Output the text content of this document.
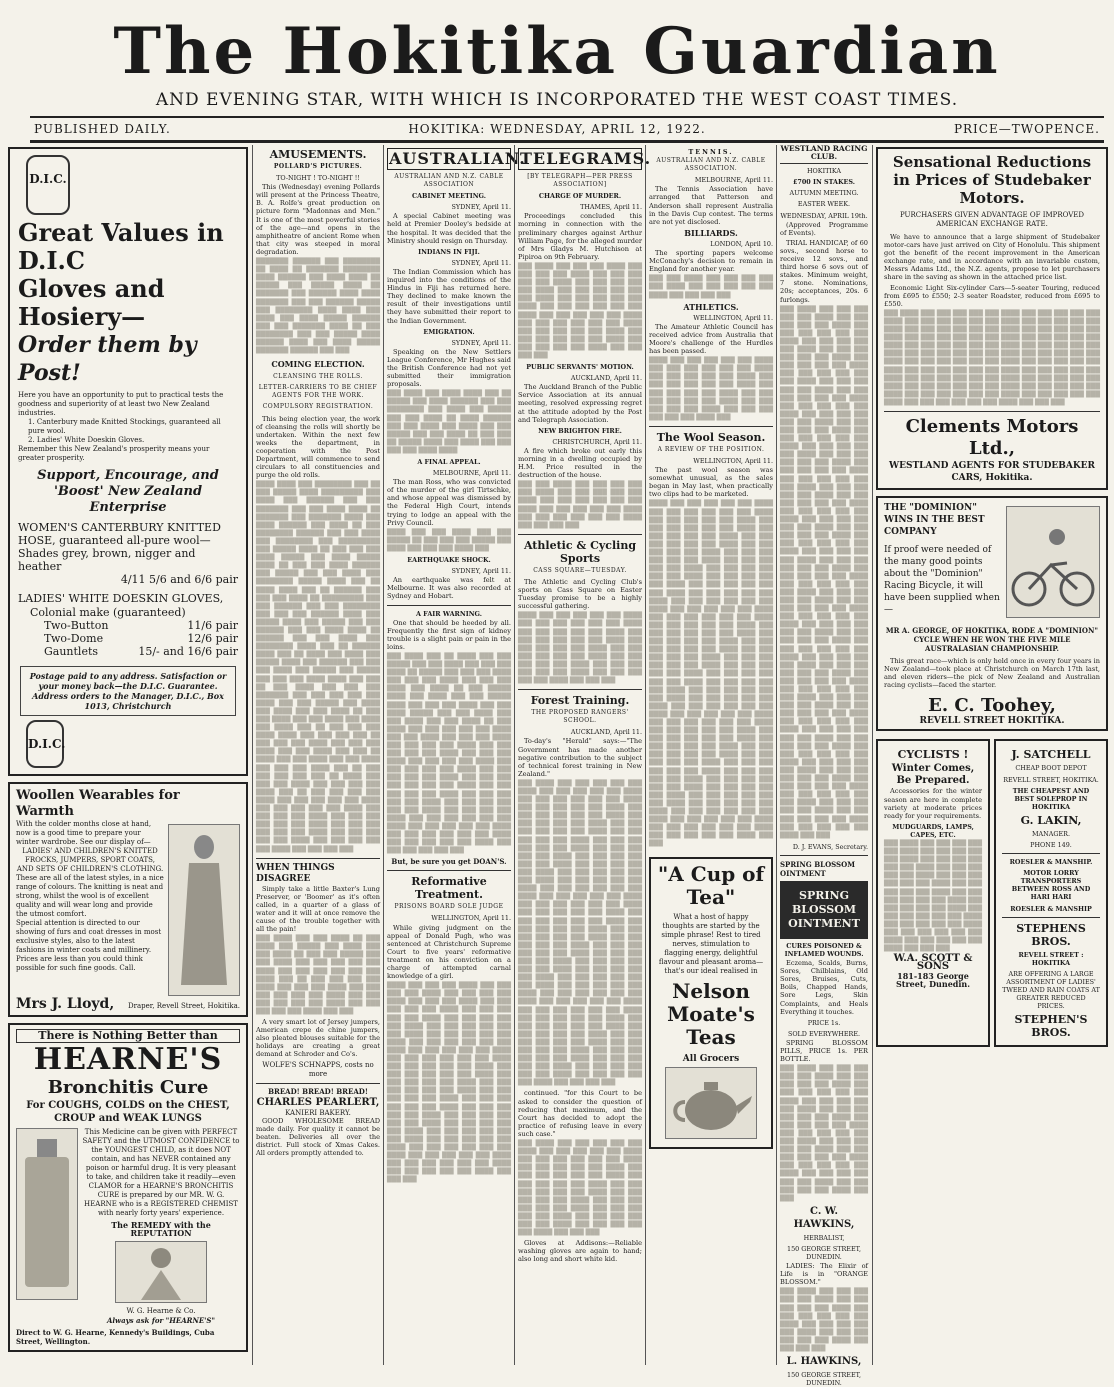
The Hokitika Guardian
AND EVENING STAR, WITH WHICH IS INCORPORATED THE WEST COAST TIMES.
PUBLISHED DAILY.	HOKITIKA: WEDNESDAY, APRIL 12, 1922.	PRICE—TWOPENCE.
D.I.C.
Great Values in D.I.C
Gloves and Hosiery—
Order them by Post!
Here you have an opportunity to put to practical tests the goodness and superiority of at least two New Zealand industries.
1. Canterbury made Knitted Stockings, guaranteed all pure wool.
2. Ladies' White Doeskin Gloves.
Remember this New Zealand's prosperity means your greater prosperity.
Support, Encourage, and 'Boost' New Zealand Enterprise
WOMEN'S CANTERBURY KNITTED HOSE, guaranteed all-pure wool—
Shades grey, brown, nigger and heather
4/11 5/6 and 6/6 pair
LADIES' WHITE DOESKIN GLOVES,
Colonial make (guaranteed)
Two-Button	11/6 pair
Two-Dome	12/6 pair
Gauntlets	15/- and 16/6 pair
Postage paid to any address. Satisfaction or your money back—the D.I.C. Guarantee. Address orders to the Manager, D.I.C., Box 1013, Christchurch
D.I.C.
Woollen Wearables for Warmth
With the colder months close at hand, now is a good time to prepare your winter wardrobe. See our display of—
LADIES' AND CHILDREN'S KNITTED FROCKS, JUMPERS, SPORT COATS, AND SETS OF CHILDREN'S CLOTHING.
These are all of the latest styles, in a nice range of colours. The knitting is neat and strong, whilst the wool is of excellent quality and will wear long and provide the utmost comfort.
Special attention is directed to our showing of furs and coat dresses in most exclusive styles, also to the latest fashions in winter coats and millinery.
Prices are less than you could think possible for such fine goods. Call.
Mrs J. Lloyd, Draper, Revell Street, Hokitika.
There is Nothing Better than
HEARNE'S
Bronchitis Cure
For COUGHS, COLDS on the CHEST, CROUP and WEAK LUNGS
This Medicine can be given with PERFECT SAFETY and the UTMOST CONFIDENCE to the YOUNGEST CHILD, as it does NOT contain, and has NEVER contained any poison or harmful drug. It is very pleasant to take, and children take it readily—even CLAMOR for a HEARNE'S BRONCHITIS CURE is prepared by our MR. W. G. HEARNE who is a REGISTERED CHEMIST with nearly forty years' experience.
The REMEDY with the REPUTATION
W. G. Hearne & Co.
Always ask for "HEARNE'S"
Direct to W. G. Hearne, Kennedy's Buildings, Cuba Street, Wellington.
AMUSEMENTS.
POLLARD'S PICTURES.
TO-NIGHT ! TO-NIGHT !!
This (Wednesday) evening Pollards will present at the Princess Theatre, B. A. Rolfe's great production on picture form "Madonnas and Men." It is one of the most powerful stories of the age—and opens in the amphitheatre of ancient Rome when that city was steeped in moral degradation.
███████ ██████ ███ ████████ ██ ████ ██ ███████ ████████ ████ ██████ ███ ████ ████ ██ █████ ███ █████ ████ ██ ███████ ███ ██████ ████ ████ ███████ ███ ███ ██████ █████ ███ ████████ ████ ████ ███ ████ ███ ████ █████ ██████ ███ ███ ███████ ████ ██ ███ ████████ ███ ███ █████ ████ ██████ ████ ███ ████ █████ ███████ ██████ ███ ███
COMING ELECTION.
CLEANSING THE ROLLS.
LETTER-CARRIERS TO BE CHIEF AGENTS FOR THE WORK.
COMPULSORY REGISTRATION.
This being election year, the work of cleansing the rolls will shortly be undertaken. Within the next few weeks the department, in cooperation with the Post Department, will commence to send circulars to all constituencies and purge the old rolls.
████ ████ ███ ████████ ███ ██ ███ █████ ████ █████████ ███ ████ ███ ██████ ███ ███ ███████ ███ ███ ████ ████ ██ ███████ ███ ███████ ████ ███ ████ ██████ ███ ████ ██ ███ ████████ ██████ ███ ███ ████ ███ ████████ ███ █████████ ███ █████ ████ ██ ███ ███ ███ ████ █████ ███ ████ █████ ████ ██ ███ ███ ████ ██████ ███ █████ ███ ███ ████ ███ ████████ █████ ████ ███ ██ ████ ████ ███ ██ ██████ ███ ███ ███ ████ ██ █████████ ███ ███ ██████ ███ ███ ████████ ███ ███ ███ ██████ ████ ███ █████ ████ ███ █████ ███ ███ ██████ ███ ███ ████ ████ ██ ██████ ███ ███ ████ ███ ████████ ████ ███ ██ ██████ ████ ███ ██ ████ ███ ████ ███ █████ ████ ███ ██████ ███ ███ ███ ████ ███ █████ ███ █████ ███ ███ ███ ████ ████ ███ ███ ██ ███ ████ ███ ███ ███ ███████ ███ ███ ███ ███ ███ ████ ███ ███ █████ ███ ████ ███ ████ ███ ███ ████ ██ ███ ███ ████ ███ ███ ████ ███ ████ ███ ████ ███ ██ ███ ███ ███ ████ ████ ███ ███ ███ ███ ██ ███ ███ ███ ████ ███ ███ ███ ████ ███ ███ ████ ███ ███ ██ ████ ███ ███ ████ ███ ███ ████ ███ ███ ███ ████ ███ ██ ███ ███ ███ ███ ███ ██ ████ ███ ███ ███ ████ ███ ███ ███ ███ ████ ███ ██ ███ ███ ███ ███ ████ ███ ███ ███ ███ ███ ████ ███ ███ ███ ███ ███ ████ ███ ███ ███ ███ ████ ███ ███ ███ ███ ███ ███ ████ ███ ███ ███ ███ ███ ███ ████ ███ ███ ███ ███ ███ ████ ███ ███ ███ ███ ███ ████ ███ ███ ███ ███
WHEN THINGS DISAGREE
Simply take a little Baxter's Lung Preserver, or 'Boomer' as it's often called, in a quarter of a glass of water and it will at once remove the cause of the trouble together with all the pain!
███ ████ ███ ███ ████ ██ ███ ████ ███ █████ ███ ████ ███ ███ ████ ██ ███ ███ █████ ███ ███ ████ ███ ███ ███ ███ ███ ████ ███ ███ ███ ███ ███ ███ ████ ███ ██ ███ ███ ███ ███ ████ ███ ███ ███ ████ ███ ███ ███ ███ ███ ███ ████ ███ ███ ███ ███ ███ ███ ████ ███ ███ ███ ███ ███ ████ ███ ███
A very smart lot of Jersey jumpers, American crepe de chine jumpers, also pleated blouses suitable for the holidays are creating a great demand at Schroder and Co's.
WOLFE'S SCHNAPPS, costs no more
BREAD! BREAD! BREAD!
CHARLES PEARLERT,
KANIERI BAKERY.
GOOD WHOLESOME BREAD made daily. For quality it cannot be beaten. Deliveries all over the district. Full stock of Xmas Cakes. All orders promptly attended to.
AUSTRALIAN.
AUSTRALIAN AND N.Z. CABLE ASSOCIATION
CABINET MEETING.
SYDNEY, April 11.
A special Cabinet meeting was held at Premier Dooley's bedside at the hospital. It was decided that the Ministry should resign on Thursday.
INDIANS IN FIJI.
SYDNEY, April 11.
The Indian Commission which has inquired into the conditions of the Hindus in Fiji has returned here. They declined to make known the result of their investigations until they have submitted their report to the Indian Government.
EMIGRATION.
SYDNEY, April 11.
Speaking on the New Settlers League Conference, Mr Hughes said the British Conference had not yet submitted their immigration proposals.
███ ████ ███ ████ ████ ███ ██ █████ ███ ████ ██████ ███ ███ ████████ ███ ████ ███ █████ ███ ███ ████ ██ ████ ██████ ███ ███ ████ ███ ████ ███ ███ █████ ███ ███ ████ ██ ███ ███ ██ █████ ████ ███ ████ ███ ███ ███ ███ ████ ████
A FINAL APPEAL.
MELBOURNE, April 11.
The man Ross, who was convicted of the murder of the girl Tirtschke, and whose appeal was dismissed by the Federal High Court, intends trying to lodge an appeal with the Privy Council.
████ ███ ███ ████ ███ ███ █████ ██ ███ ███ ███ █████ ███ ████ ███ ███ ███ ████ ███
EARTHQUAKE SHOCK.
SYDNEY, April 11.
An earthquake was felt at Melbourne. It was also recorded at Sydney and Hobart.
A FAIR WARNING.
One that should be heeded by all. Frequently the first sign of kidney trouble is a slight pain or pain in the loins.
███ ████ ███ ██ ████ ███ ███ █████ ███ ███ ████ ███ ███ ███ ████ ██ █████ ███ ███ ███ ████ ███ ███ ███ ████ ███ ███ ███ ████ ███ ████ ██ ███ █████ ████ ███ ████ ███ ███ █████ ████ ███ ███ ███ ████ ███ ███ ████ █████ ███ ███ ████ ███ ███ ████ ███ ███ ████ ██ ███ ████ ███ ███ ███ ███ ███ ████ ███ ███ ████ ███ ███ ███ ████ ███ ███ ███ ███ ████ ███ ███ ███ ███ ███ ████ ███ ███ ███ ████ ███ ███ ███ ███ ████ ███ ███ ███ ███ ███ ████ ███ ███ ███ ███ ███ ████ ███ ███ ███ ███ ███ ███ ███ ████ ███ ███ ███ ███ ███ ████ ███ ███ ███ ███ ███ ████ ███ ███ ███ ███ ███ ███ ████ ███ ███ ███ ███ ████ ███ ███ ███ ███ ███ ███ ████ ███ ███ ███ ███ ███ ████ ███ ███ ███ ███ ███ ███ ████ ███ ███ ███ ███ ███ ████ ███ ███ ███ ███ ███ ███
But, be sure you get DOAN'S.
Reformative Treatment.
PRISONS BOARD SOLE JUDGE
WELLINGTON, April 11.
While giving judgment on the appeal of Donald Pugh, who was sentenced at Christchurch Supreme Court to five years' reformative treatment on his conviction on a charge of attempted carnal knowledge of a girl.
████ ███ ███ ███ ████ ███ ███ ███ ███ ████ ███ ███ ███ ███ ████ ███ ███ ███ ████ ███ ███ ███ ███ ███ ████ ███ ███ ███ ███ ███ ████ ███ ███ ███ ███ ███ ████ ███ ███ ███ ███ ███ ███ ████ ███ ███ ███ ███ ███ ████ ███ ███ ███ ███ ███ ███ ████ ███ ███ ███ ███ ███ ████ ███ ███ ███ ███ ███ ███ ████ ███ ███ ███ ███ ███ ████ ███ ███ ███ ███ ███ ███ ████ ███ ███ ███ ███ ███ ████ ███ ███ ███ ███ ███ ███ ████ ███ ███ ███ ███ ███ ████ ███ ███ ███ ███ ███ ███ ████ ███ ███ ███ ███ ███ ████ ███ ███ ███ ███ ███ ███ ████ ███ ███ ███ ███ ███ ████ ███ ███ ███ ███ ███ ███ ████ ███ ███ ███ ███ ███ ████ ███ ███ ███ ███ ███ ███ ████ ███ ███ ███ ███ ███ ████ ███ ███ ███ ███ ███ ███ ████ ███ ███ ███ ███ ███ ████ ███ ███ ███
TELEGRAMS.
[BY TELEGRAPH—PER PRESS ASSOCIATION]
CHARGE OF MURDER.
THAMES, April 11.
Proceedings concluded this morning in connection with the preliminary charges against Arthur William Page, for the alleged murder of Mrs Gladys M. Hutchison at Pipiroa on 9th February.
███ ████ ███ ███ ███ ████ ███ ███ ███ ███ ████ ███ ███ ███ ███ ███ ████ ███ ███ ███ ███ ███ ████ ███ ███ ███ ███ ███ ███ ████ ███ ███ ███ ███ ███ ████ ███ ███ ███ ███ ███ ███ ████ ███ ███ ███ ███ ███ ████ ███ ███ ███ ███ ███ ███ ████ ███ ███ ███ ███ ███ ████ ███ ███ ███ ███ ███ ███ ████ ███ ███ ███ ███ ███ ████ ███ ███ ███ ███
PUBLIC SERVANTS' MOTION.
AUCKLAND, April 11.
The Auckland Branch of the Public Service Association at its annual meeting, resolved expressing regret at the attitude adopted by the Post and Telegraph Association.
NEW BRIGHTON FIRE.
CHRISTCHURCH, April 11.
A fire which broke out early this morning in a dwelling occupied by H.M. Price resulted in the destruction of the house.
███ ███ ████ ███ ███ ███ ███ ███ ████ ███ ███ ███ ███ ███ ████ ███ ███ ███ ███ ███ ███ ████ ███ ███ ███ ███ ███ ████ ███ ███ ███ ███ ███ ███ ████ ███ ███ ███ ███
Athletic & Cycling Sports
CASS SQUARE—TUESDAY.
The Athletic and Cycling Club's sports on Cass Square on Easter Tuesday promise to be a highly successful gathering.
████ ███ ███ ███ ███ ███ ████ ███ ███ ███ ███ ███ ███ ████ ███ ███ ███ ███ ███ ████ ███ ███ ███ ███ ███ ███ ████ ███ ███ ███ ███ ███ ████ ███ ███ ███ ███ ███ ███ ████ ███ ███ ███ ███ ███ ████ ███ ███ ███ ███ ███ ███ ████ ███ ███ ███ ███ ███ ████ ███ ███ ███
Forest Training.
THE PROPOSED RANGERS' SCHOOL.
AUCKLAND, April 11.
To-day's "Herald" says:—"The Government has made another negative contribution to the subject of technical forest training in New Zealand."
███ ████ ███ ███ ███ ███ ███ ████ ███ ███ ███ ███ ███ ████ ███ ███ ███ ███ ███ ███ ████ ███ ███ ███ ███ ███ ████ ███ ███ ███ ███ ███ ███ ████ ███ ███ ███ ███ ███ ████ ███ ███ ███ ███ ███ ███ ████ ███ ███ ███ ███ ███ ████ ███ ███ ███ ███ ███ ███ ████ ███ ███ ███ ███ ███ ████ ███ ███ ███ ███ ███ ███ ████ ███ ███ ███ ███ ███ ████ ███ ███ ███ ███ ███ ███ ████ ███ ███ ███ ███ ███ ████ ███ ███ ███ ███ ███ ███ ████ ███ ███ ███ ███ ███ ████ ███ ███ ███ ███ ███ ███ ████ ███ ███ ███ ███ ███ ████ ███ ███ ███ ███ ███ ███ ████ ███ ███ ███ ███ ███ ████ ███ ███ ███ ███ ███ ███ ████ ███ ███ ███ ███ ███ ████ ███ ███ ███ ███ ███ ███ ████ ███ ███ ███ ███ ███ ████ ███ ███ ███ ███ ███ ███ ████ ███ ███ ███ ███ ███ ████ ███ ███ ███ ███ ███ ███ ████ ███ ███ ███ ███ ███ ████ ███ ███ ███ ███ ███ ███ ████ ███ ███ ███ ███ ███ ████ ███ ███ ███ ███ ███ ███ ████ ███ ███ ███ ███ ███ ████ ███ ███ ███ ███ ███ ███ ████ ███ ███ ███ ███ ███ ████ ███ ███ ███ ███ ███ ███ ████ ███ ███ ███ ███ ███ ████ ███ ███ ███ ███ ███ ███ ████ ███ ███ ███ ███ ███ ████ ███ ███ ███ ███ ███ ███ ████ ███ ███ ███ ███ ███ ████ ███ ███ ███ ███
continued. "for this Court to be asked to consider the question of reducing that maximum, and the Court has decided to adopt the practice of refusing leave in every such case."
███ ████ ███ ███ ███ ███ ███ ████ ███ ███ ███ ███ ███ ████ ███ ███ ███ ███ ███ ███ ████ ███ ███ ███ ███ ███ ████ ███ ███ ███ ███ ███ ███ ████ ███ ███ ███ ███ ███ ████ ███ ███ ███ ███ ███ ███ ████ ███ ███ ███ ███ ███ ████ ███ ███ ███ ███ ███ ███ ████ ███ ███ ███ ███ ███ ████ ███ ███ ███ ███ ███ ███ ████ ███ ███ ███ ███ ███ ████ ███ ███ ███
Gloves at Addisons:—Reliable washing gloves are again to hand; also long and short white kid.
TENNIS.
AUSTRALIAN AND N.Z. CABLE ASSOCIATION.
MELBOURNE, April 11.
The Tennis Association have arranged that Patterson and Anderson shall represent Australia in the Davis Cup contest. The terms are not yet disclosed.
BILLIARDS.
LONDON, April 10.
The sporting papers welcome McConachy's decision to remain in England for another year.
███ ███ ████ ███ ███ ███ ███ ███ ████ ███ ███ ███ ███ ███ ████ ███ ███ ███ ███
ATHLETICS.
WELLINGTON, April 11.
The Amateur Athletic Council has received advice from Australia that Moore's challenge of the Hurdles has been passed.
████ ███ ███ ███ ███ ███ ████ ███ ███ ███ ███ ███ ███ ████ ███ ███ ███ ███ ███ ████ ███ ███ ███ ███ ███ ███ ████ ███ ███ ███ ███ ███ ████ ███ ███ ███ ███ ███ ███ ████ ███ ███ ███ ███ ███ ████ ███ ███ ███ ███ ███ ███ ████ ███
The Wool Season.
A REVIEW OF THE POSITION.
WELLINGTON, April 11.
The past wool season was somewhat unusual, as the sales began in May last, when practically two clips had to be marketed.
████ ███ ███ ███ ███ ███ ████ ███ ███ ███ ███ ███ ███ ████ ███ ███ ███ ███ ███ ████ ███ ███ ███ ███ ███ ███ ████ ███ ███ ███ ███ ███ ████ ███ ███ ███ ███ ███ ███ ████ ███ ███ ███ ███ ███ ████ ███ ███ ███ ███ ███ ███ ████ ███ ███ ███ ███ ███ ████ ███ ███ ███ ███ ███ ███ ████ ███ ███ ███ ███ ███ ████ ███ ███ ███ ███ ███ ███ ████ ███ ███ ███ ███ ███ ████ ███ ███ ███ ███ ███ ███ ████ ███ ███ ███ ███ ███ ████ ███ ███ ███ ███ ███ ███ ████ ███ ███ ███ ███ ███ ████ ███ ███ ███ ███ ███ ███ ████ ███ ███ ███ ███ ███ ████ ███ ███ ███ ███ ███ ███ ████ ███ ███ ███ ███ ███ ████ ███ ███ ███ ███ ███ ███ ████ ███ ███ ███ ███ ███ ████ ███ ███ ███ ███ ███ ███ ████ ███ ███ ███ ███ ███ ████ ███ ███ ███ ███ ███ ███ ████ ███ ███ ███ ███ ███ ████ ███ ███ ███ ███ ███ ███ ████ ███ ███ ███ ███ ███ ████ ███ ███ ███ ███ ███ ███ ████ ███ ███ ███ ███ ███ ████ ███ ███ ███ ███ ███ ███ ████ ███ ███ ███ ███ ███ ████ ███ ███ ███ ███ ███ ███ ████ ███ ███ ███ ███ ███ ████ ███ ███ ███ ███ ███ ███ ████ ███ ███ ███ ███ ███ ████ ███ ███ ███ ███ ███ ███ ████ ███ ███ ███ ███ ███ ████ ███ ███ ███ ███ ███ ███ ████ ███ ███ ███ ███ ███ ████ ███ ███ ███ ███ ███ ███ ████ ███ ███ ███ ███ ███ ████ ███ ███ ███ ███ ███ ███ ████ ███ ███ ███ ███ ███ ████ ███ ███
"A Cup of Tea"
What a host of happy thoughts are started by the simple phrase! Rest to tired nerves, stimulation to flagging energy, delightful flavour and pleasant aroma—that's our ideal realised in
Nelson Moate's Teas
All Grocers
WESTLAND RACING CLUB.
HOKITIKA
£700 IN STAKES.
AUTUMN MEETING.
EASTER WEEK.
WEDNESDAY, APRIL 19th.
(Approved Programme of Events).
TRIAL HANDICAP, of 60 sovs., second horse to receive 12 sovs., and third horse 6 sovs out of stakes. Minimum weight, 7 stone. Nominations, 20s; acceptances, 20s. 6 furlongs.
███ ████ ███ ███ ███ ███ ███ ████ ███ ███ ███ ███ ███ ████ ███ ███ ███ ███ ███ ███ ████ ███ ███ ███ ███ ███ ████ ███ ███ ███ ███ ███ ███ ████ ███ ███ ███ ███ ███ ████ ███ ███ ███ ███ ███ ███ ████ ███ ███ ███ ███ ███ ████ ███ ███ ███ ███ ███ ███ ████ ███ ███ ███ ███ ███ ████ ███ ███ ███ ███ ███ ███ ████ ███ ███ ███ ███ ███ ████ ███ ███ ███ ███ ███ ███ ████ ███ ███ ███ ███ ███ ████ ███ ███ ███ ███ ███ ███ ████ ███ ███ ███ ███ ███ ████ ███ ███ ███ ███ ███ ███ ████ ███ ███ ███ ███ ███ ████ ███ ███ ███ ███ ███ ███ ████ ███ ███ ███ ███ ███ ████ ███ ███ ███ ███ ███ ███ ████ ███ ███ ███ ███ ███ ████ ███ ███ ███ ███ ███ ███ ████ ███ ███ ███ ███ ███ ████ ███ ███ ███ ███ ███ ███ ████ ███ ███ ███ ███ ███ ████ ███ ███ ███ ███ ███ ███ ████ ███ ███ ███ ███ ███ ████ ███ ███ ███ ███ ███ ███ ████ ███ ███ ███ ███ ███ ████ ███ ███ ███ ███ ███ ███ ████ ███ ███ ███ ███ ███ ████ ███ ███ ███ ███ ███ ███ ████ ███ ███ ███ ███ ███ ████ ███ ███ ███ ███ ███ ███ ████ ███ ███ ███ ███ ███ ████ ███ ███ ███ ███ ███ ███ ████ ███ ███ ███ ███ ███ ████ ███ ███ ███ ███ ███ ███ ████ ███ ███ ███ ███ ███ ████ ███ ███ ███ ███ ███ ███ ████ ███ ███ ███ ███ ███ ████ ███ ███ ███ ███ ███ ███ ████ ███ ███ ███ ███ ███ ████ ███ ███ ███ ███ ███ ███ ████ ███ ███ ███ ███ ███ ████ ███ ███ ███ ███ ███ ███ ████ ███ ███ ███ ███ ███ ████ ███ ███ ███ ███ ███ ███ ████ ███ ███ ███ ███ ███ ████ ███ ███
D. J. EVANS, Secretary.
SPRING BLOSSOM OINTMENT
SPRING BLOSSOM OINTMENT
CURES POISONED & INFLAMED WOUNDS.
Eczema, Scalds, Burns, Sores, Chilblains, Old Sores, Bruises, Cuts, Boils, Chapped Hands, Sore Legs, Skin Complaints, and Heals Everything it touches.
PRICE 1s.
SOLD EVERYWHERE.
SPRING BLOSSOM PILLS, PRICE 1s. PER BOTTLE.
███ ████ ███ ███ ███ ███ ███ ████ ███ ███ ███ ███ ███ ████ ███ ███ ███ ███ ███ ███ ████ ███ ███ ███ ███ ███ ████ ███ ███ ███ ███ ███ ███ ████ ███ ███ ███ ███ ███ ████ ███ ███ ███ ███ ███ ███ ████ ███ ███ ███ ███ ███ ████ ███ ███ ███ ███ ███ ███ ████ ███ ███ ███ ███ ███ ████ ███ ███ ███ ███ ███ ███ ████ ███ ███ ███ ███ ███ ████ ███ ███
C. W. HAWKINS,
HERBALIST,
150 GEORGE STREET, DUNEDIN.
LADIES: The Elixir of Life is in "ORANGE BLOSSOM."
███ ████ ███ ███ ███ ███ ███ ████ ███ ███ ███ ███ ███ ████ ███ ███ ███ ███ ███ ███ ████ ███ ███ ███ ███ ███ ████ ███ ███ ███ ███ ███ ███ ████ ███ ███ ███ ███
L. HAWKINS,
150 GEORGE STREET, DUNEDIN.
Sensational Reductions in Prices of Studebaker Motors.
PURCHASERS GIVEN ADVANTAGE OF IMPROVED AMERICAN EXCHANGE RATE.
We have to announce that a large shipment of Studebaker motor-cars have just arrived on City of Honolulu. This shipment got the benefit of the recent improvement in the American exchange rate, and in accordance with an invariable custom, Messrs Adams Ltd., the N.Z. agents, propose to let purchasers share in the saving as shown in the attached price list.
Economic Light Six-cylinder Cars—5-seater Touring, reduced from £695 to £550; 2-3 seater Roadster, reduced from £695 to £550.
███ ████ ███ ███ ███ ███ ███ ████ ███ ███ ███ ███ ███ ████ ███ ███ ███ ███ ███ ███ ████ ███ ███ ███ ███ ███ ████ ███ ███ ███ ███ ███ ███ ████ ███ ███ ███ ███ ███ ████ ███ ███ ███ ███ ███ ███ ████ ███ ███ ███ ███ ███ ████ ███ ███ ███ ███ ███ ███ ████ ███ ███ ███ ███ ███ ████ ███ ███ ███ ███ ███ ███ ████ ███ ███ ███ ███ ███ ████ ███ ███ ███ ███ ███ ███ ████ ███ ███ ███ ███ ███ ████ ███ ███ ███ ███ ███ ███ ████ ███ ███ ███ ███ ███ ████ ███ ███ ███ ███ ███ ███ ████ ███ ███ ███ ███ ███ ████ ███ ███ ███ ███ ███ ███ ████ ███ ███ ███ ███ ███ ████ ███ ███ ███ ███ ███ ███ ████ ███ ███ ███ ███ ███ ████ ███ ███ ███ ███ ███ ███ ████ ███ ███ ███
Clements Motors Ltd.,
WESTLAND AGENTS FOR STUDEBAKER CARS, Hokitika.
THE "DOMINION" WINS IN THE BEST COMPANY
If proof were needed of the many good points about the "Dominion" Racing Bicycle, it will have been supplied when—
MR A. GEORGE, OF HOKITIKA, RODE A "DOMINION" CYCLE WHEN HE WON THE FIVE MILE AUSTRALASIAN CHAMPIONSHIP.
This great race—which is only held once in every four years in New Zealand—took place at Christchurch on March 17th last, and eleven riders—the pick of New Zealand and Australian racing cyclists—faced the starter.
E. C. Toohey,
REVELL STREET HOKITIKA.
CYCLISTS !
Winter Comes, Be Prepared.
Accessories for the winter season are here in complete variety at moderate prices ready for your requirements.
MUDGUARDS, LAMPS, CAPES, ETC.
███ ████ ███ ███ ███ ███ ███ ████ ███ ███ ███ ███ ███ ████ ███ ███ ███ ███ ███ ███ ████ ███ ███ ███ ███ ███ ████ ███ ███ ███ ███ ███ ███ ████ ███ ███ ███ ███ ███ ████ ███ ███ ███ ███ ███ ███ ████ ███ ███ ███ ███ ███ ████ ███ ███ ███ ███ ███ ███ ████ ███ ███ ███ ███ ███ ████ ███ ███ ███ ███ ███ ███ ████ ███ ███ ███ ███ ███ ████ ███ ███ ███
W.A. SCOTT & SONS
181-183 George Street, Dunedin.
J. SATCHELL
CHEAP BOOT DEPOT
REVELL STREET, HOKITIKA.
THE CHEAPEST AND BEST SOLEPROP IN HOKITIKA
G. LAKIN,
MANAGER.
PHONE 149.
ROESLER & MANSHIP.
MOTOR LORRY TRANSPORTERS BETWEEN ROSS AND HARI HARI
ROESLER & MANSHIP
STEPHENS BROS.
REVELL STREET : HOKITIKA
ARE OFFERING A LARGE ASSORTMENT OF LADIES' TWEED AND RAIN COATS AT GREATER REDUCED PRICES.
STEPHEN'S BROS.
